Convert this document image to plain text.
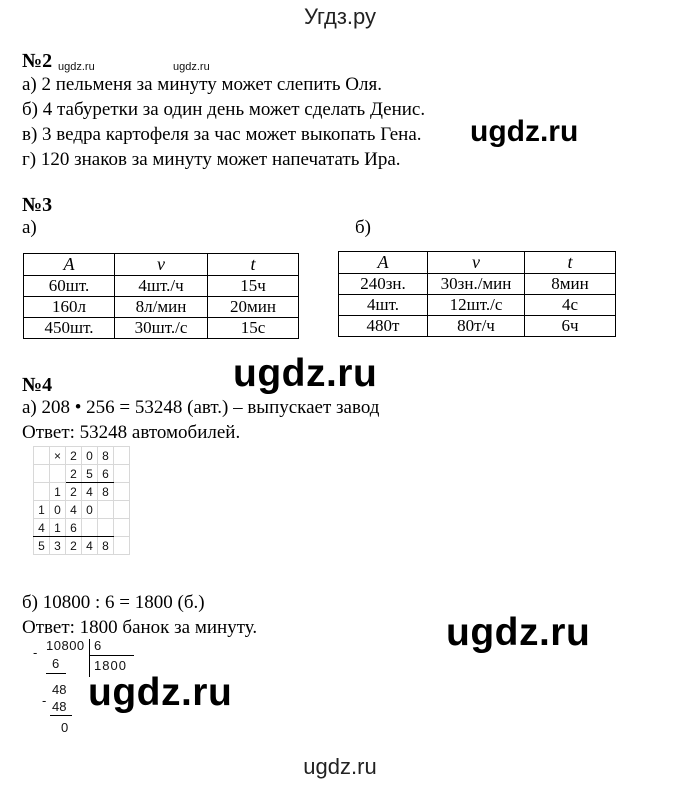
Угдз.ру
№2 ugdz.ru	ugdz.ru
а) 2 пельменя за минуту может слепить Оля.
б) 4 табуретки за один день может сделать Денис.
в) 3 ведра картофеля за час может выкопать Гена. ugdz.ru
г) 120 знаков за минуту может напечатать Ира.
№3
а)	б)
A	v	t
60шт.	4шт./ч	15ч
160л	8л/мин	20мин
450шт.	30шт./с	15с
A	v	t
240зн.	30зн./мин	8мин
4шт.	12шт./с	4с
480т	80т/ч	6ч
ugdz.ru
№4
а) 208 • 256 = 53248 (авт.) – выпускает завод
Ответ: 53248 автомобилей.
	×	2	0	8	
		2	5	6	
	1	2	4	8	
1	0	4	0		
4	1	6			
5	3	2	4	8	
б) 10800 : 6 = 1800 (б.)
Ответ: 1800 банок за минуту.	ugdz.ru
- 10800 6
1800
6
48
- 48
0
ugdz.ru
ugdz.ru
